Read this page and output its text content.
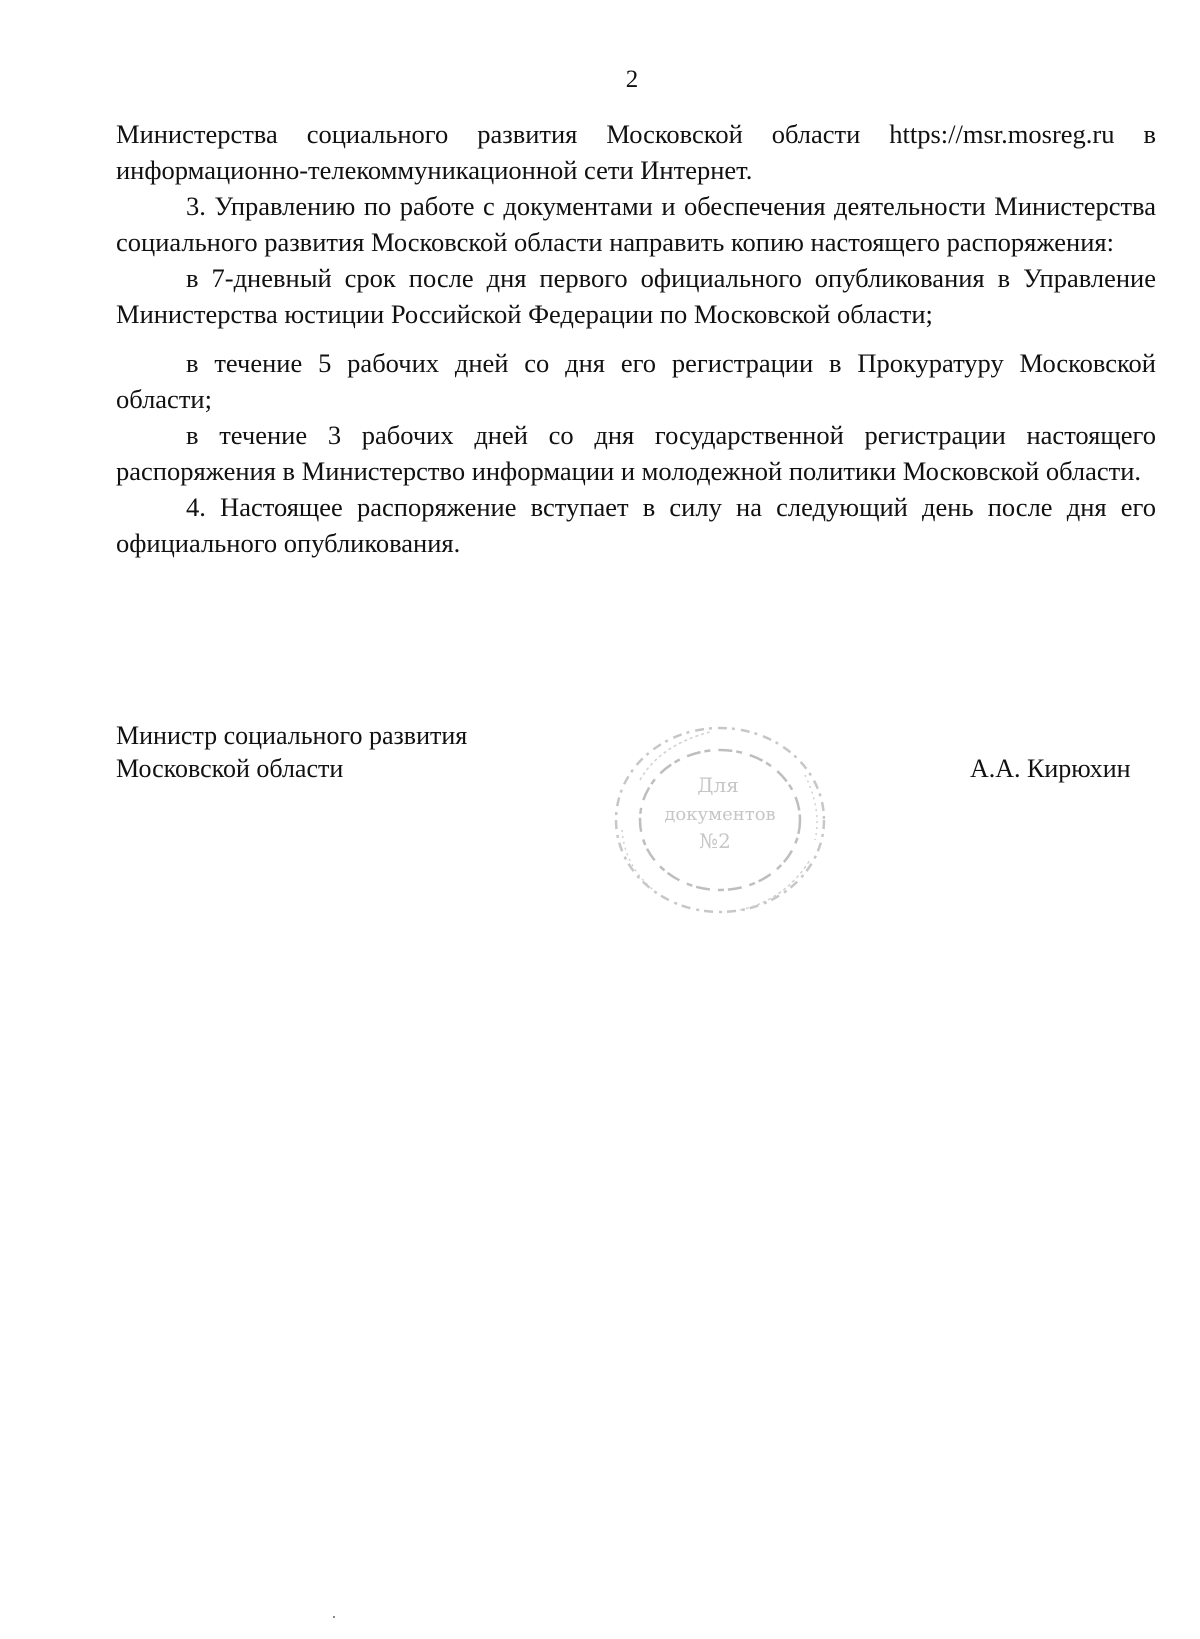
2

Министерства социального развития Московской области https://msr.mosreg.ru в информационно-телекоммуникационной сети Интернет.

3. Управлению по работе с документами и обеспечения деятельности Министерства социального развития Московской области направить копию настоящего распоряжения:

в 7-дневный срок после дня первого официального опубликования в Управление Министерства юстиции Российской Федерации по Московской области;

в течение 5 рабочих дней со дня его регистрации в Прокуратуру Московской области;

в течение 3 рабочих дней со дня государственной регистрации настоящего распоряжения в Министерство информации и молодежной политики Московской области.

4. Настоящее распоряжение вступает в силу на следующий день после дня его официального опубликования.

Министр социального развития
Московской области	А.А. Кирюхин
Для
документов
№2
